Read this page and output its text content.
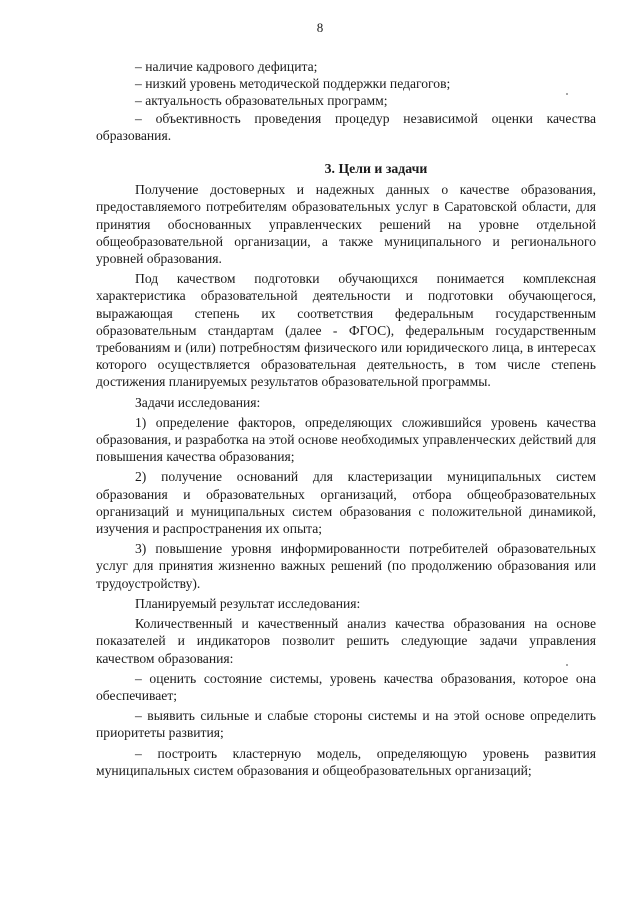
8

– наличие кадрового дефицита;

– низкий уровень методической поддержки педагогов;

– актуальность образовательных программ;

– объективность проведения процедур независимой оценки качества образования.

3. Цели и задачи

Получение достоверных и надежных данных о качестве образования, предоставляемого потребителям образовательных услуг в Саратовской области, для принятия обоснованных управленческих решений на уровне отдельной общеобразовательной организации, а также муниципального и регионального уровней образования.

Под качеством подготовки обучающихся понимается комплексная характеристика образовательной деятельности и подготовки обучающегося, выражающая степень их соответствия федеральным государственным образовательным стандартам (далее - ФГОС), федеральным государственным требованиям и (или) потребностям физического или юридического лица, в интересах которого осуществляется образовательная деятельность, в том числе степень достижения планируемых результатов образовательной программы.

Задачи исследования:

1) определение факторов, определяющих сложившийся уровень качества образования, и разработка на этой основе необходимых управленческих действий для повышения качества образования;

2) получение оснований для кластеризации муниципальных систем образования и образовательных организаций, отбора общеобразовательных организаций и муниципальных систем образования с положительной динамикой, изучения и распространения их опыта;

3) повышение уровня информированности потребителей образовательных услуг для принятия жизненно важных решений (по продолжению образования или трудоустройству).

Планируемый результат исследования:

Количественный и качественный анализ качества образования на основе показателей и индикаторов позволит решить следующие задачи управления качеством образования:

– оценить состояние системы, уровень качества образования, которое она обеспечивает;

– выявить сильные и слабые стороны системы и на этой основе определить приоритеты развития;

– построить кластерную модель, определяющую уровень развития муниципальных систем образования и общеобразовательных организаций;
